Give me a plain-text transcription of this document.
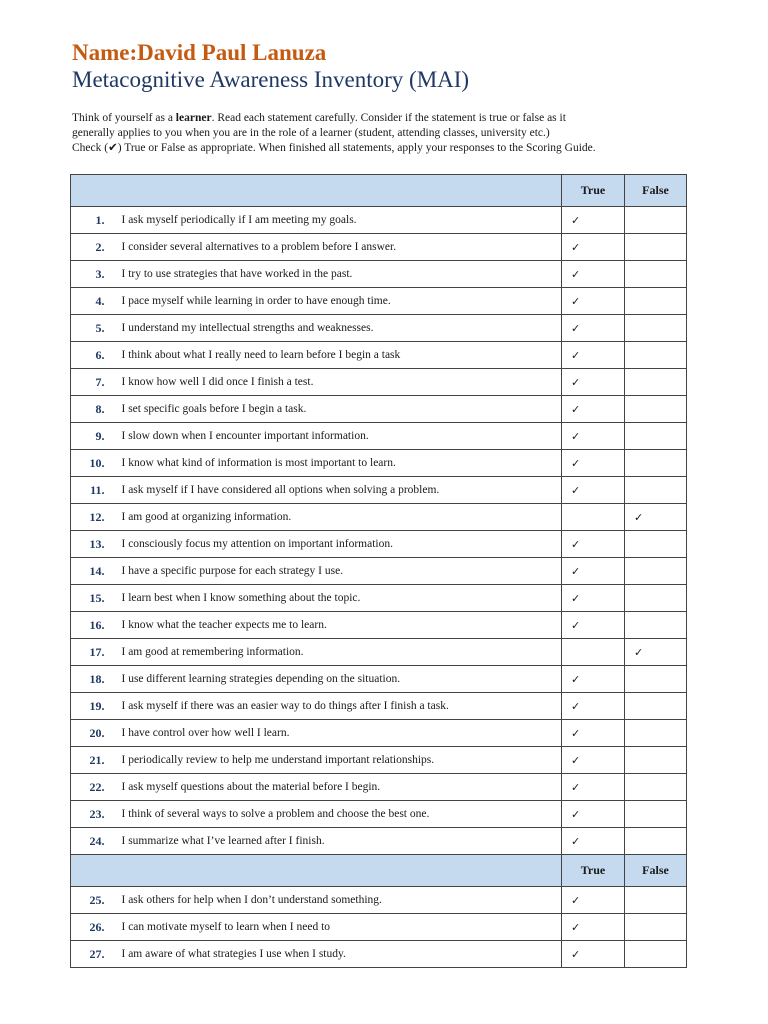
Name:David Paul Lanuza
Metacognitive Awareness Inventory (MAI)

Think of yourself as a learner. Read each statement carefully. Consider if the statement is true or false as it

generally applies to you when you are in the role of a learner (student, attending classes, university etc.)

Check (✔) True or False as appropriate. When finished all statements, apply your responses to the Scoring Guide.

		True	False
1.	I ask myself periodically if I am meeting my goals.	✓	
2.	I consider several alternatives to a problem before I answer.	✓	
3.	I try to use strategies that have worked in the past.	✓	
4.	I pace myself while learning in order to have enough time.	✓	
5.	I understand my intellectual strengths and weaknesses.	✓	
6.	I think about what I really need to learn before I begin a task	✓	
7.	I know how well I did once I finish a test.	✓	
8.	I set specific goals before I begin a task.	✓	
9.	I slow down when I encounter important information.	✓	
10.	I know what kind of information is most important to learn.	✓	
11.	I ask myself if I have considered all options when solving a problem.	✓	
12.	I am good at organizing information.		✓
13.	I consciously focus my attention on important information.	✓	
14.	I have a specific purpose for each strategy I use.	✓	
15.	I learn best when I know something about the topic.	✓	
16.	I know what the teacher expects me to learn.	✓	
17.	I am good at remembering information.		✓
18.	I use different learning strategies depending on the situation.	✓	
19.	I ask myself if there was an easier way to do things after I finish a task.	✓	
20.	I have control over how well I learn.	✓	
21.	I periodically review to help me understand important relationships.	✓	
22.	I ask myself questions about the material before I begin.	✓	
23.	I think of several ways to solve a problem and choose the best one.	✓	
24.	I summarize what I’ve learned after I finish.	✓	
		True	False
25.	I ask others for help when I don’t understand something.	✓	
26.	I can motivate myself to learn when I need to	✓	
27.	I am aware of what strategies I use when I study.	✓	
